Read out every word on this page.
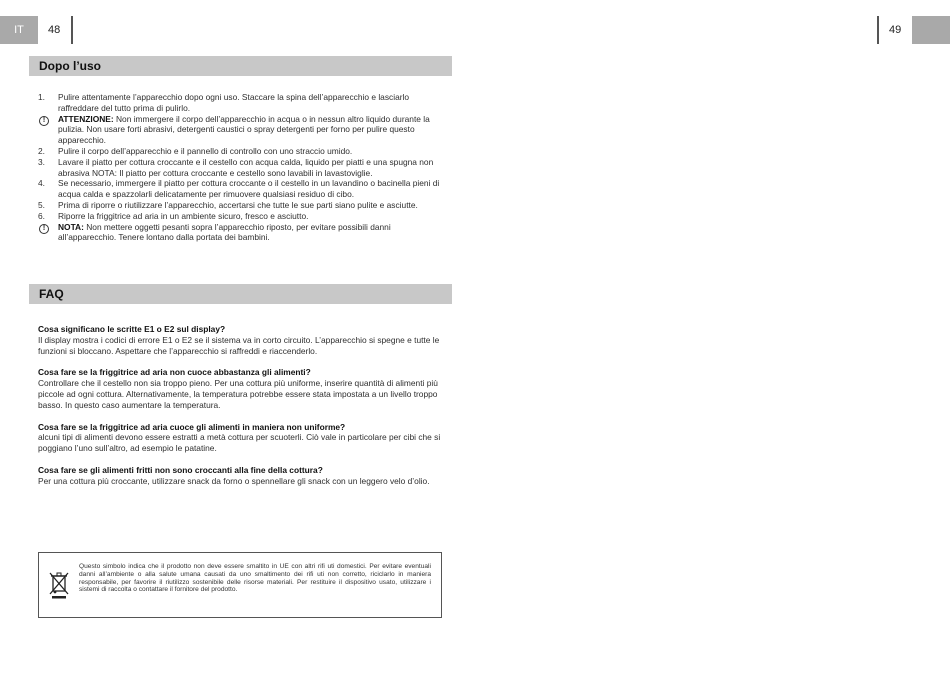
IT	48	49
Dopo l’uso
1.	Pulire attentamente l’apparecchio dopo ogni uso. Staccare la spina dell’apparecchio e lasciarlo raffreddare del tutto prima di pulirlo.
!	ATTENZIONE: Non immergere il corpo dell’apparecchio in acqua o in nessun altro liquido durante la pulizia. Non usare forti abrasivi, detergenti caustici o spray detergenti per forno per pulire questo apparecchio.
2.	Pulire il corpo dell’apparecchio e il pannello di controllo con uno straccio umido.
3.	Lavare il piatto per cottura croccante e il cestello con acqua calda, liquido per piatti e una spugna non abrasiva NOTA: Il piatto per cottura croccante e cestello sono lavabili in lavastoviglie.
4.	Se necessario, immergere il piatto per cottura croccante o il cestello in un lavandino o bacinella pieni di acqua calda e spazzolarli delicatamente per rimuovere qualsiasi residuo di cibo.
5.	Prima di riporre o riutilizzare l’apparecchio, accertarsi che tutte le sue parti siano pulite e asciutte.
6.	Riporre la friggitrice ad aria in un ambiente sicuro, fresco e asciutto.
!	NOTA: Non mettere oggetti pesanti sopra l’apparecchio riposto, per evitare possibili danni all’apparecchio. Tenere lontano dalla portata dei bambini.
FAQ
Cosa significano le scritte E1 o E2 sul display?
Il display mostra i codici di errore E1 o E2 se il sistema va in corto circuito. L’apparecchio si spegne e tutte le funzioni si bloccano. Aspettare che l’apparecchio si raffreddi e riaccenderlo.
Cosa fare se la friggitrice ad aria non cuoce abbastanza gli alimenti?
Controllare che il cestello non sia troppo pieno. Per una cottura più uniforme, inserire quantità di alimenti più piccole ad ogni cottura. Alternativamente, la temperatura potrebbe essere stata impostata a un livello troppo basso. In questo caso aumentare la temperatura.
Cosa fare se la friggitrice ad aria cuoce gli alimenti in maniera non uniforme?
alcuni tipi di alimenti devono essere estratti a metà cottura per scuoterli. Ciò vale in particolare per cibi che si poggiano l’uno sull’altro, ad esempio le patatine.
Cosa fare se gli alimenti fritti non sono croccanti alla fine della cottura?
Per una cottura più croccante, utilizzare snack da forno o spennellare gli snack con un leggero velo d’olio.
Questo simbolo indica che il prodotto non deve essere smaltito in UE con altri rifi uti domestici. Per evitare eventuali danni all’ambiente o alla salute umana causati da uno smaltimento dei rifi uti non corretto, riciclarlo in maniera responsabile, per favorire il riutilizzo sostenibile delle risorse materiali. Per restituire il dispositivo usato, utilizzare i sistemi di raccolta o contattare il fornitore del prodotto.
